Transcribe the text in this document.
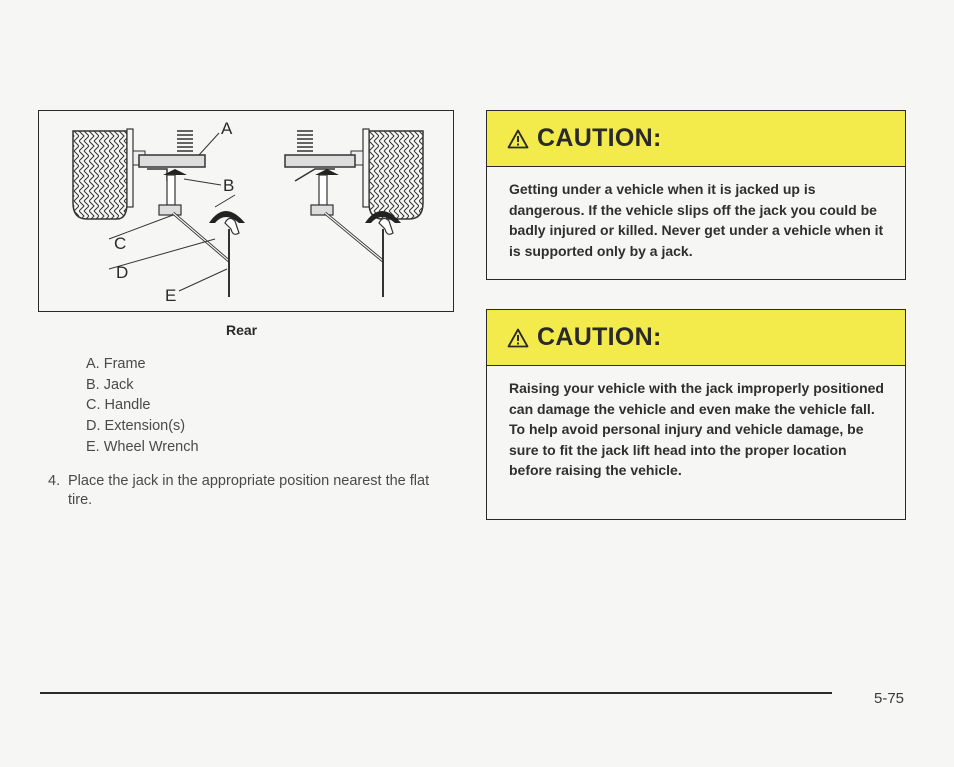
A
B
C
D
E
Rear
A. Frame
B. Jack
C. Handle
D. Extension(s)
E. Wheel Wrench
4. Place the jack in the appropriate position nearest the flat tire.
CAUTION:
Getting under a vehicle when it is jacked up is dangerous. If the vehicle slips off the jack you could be badly injured or killed. Never get under a vehicle when it is supported only by a jack.
CAUTION:
Raising your vehicle with the jack improperly positioned can damage the vehicle and even make the vehicle fall. To help avoid personal injury and vehicle damage, be sure to fit the jack lift head into the proper location before raising the vehicle.
5-75
